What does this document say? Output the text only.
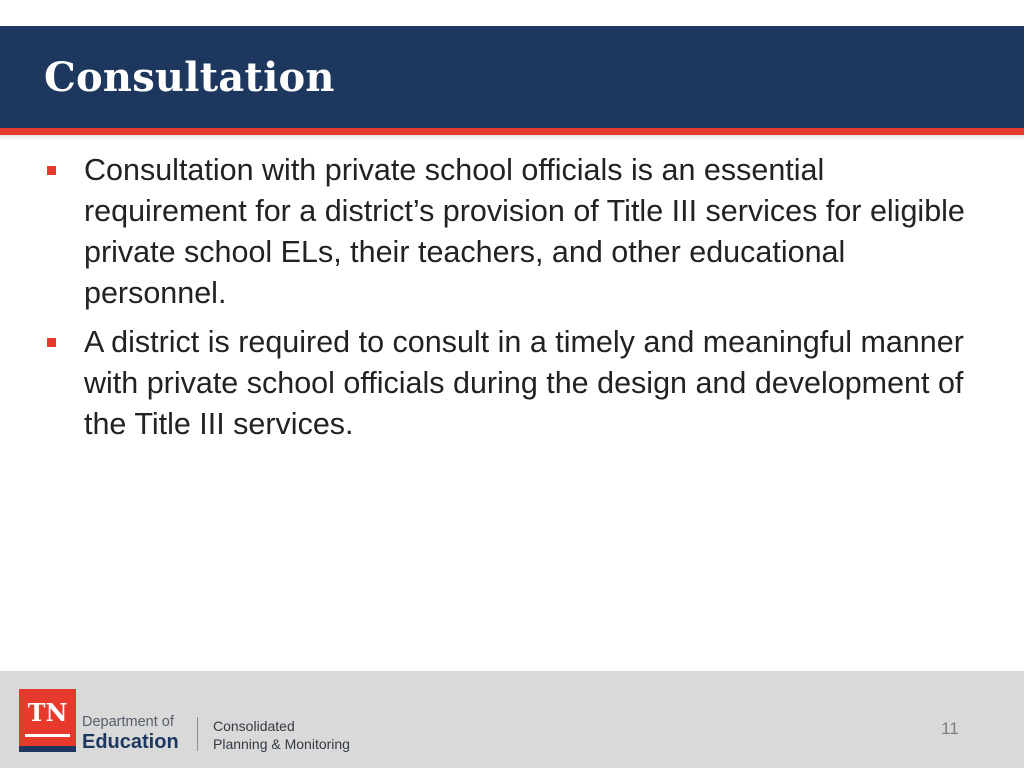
Consultation
Consultation with private school officials is an essential requirement for a district’s provision of Title III services for eligible private school ELs, their teachers, and other educational personnel.
A district is required to consult in a timely and meaningful manner with private school officials during the design and development of the Title III services.
TN	Department of
Education
Consolidated
Planning & Monitoring
11
